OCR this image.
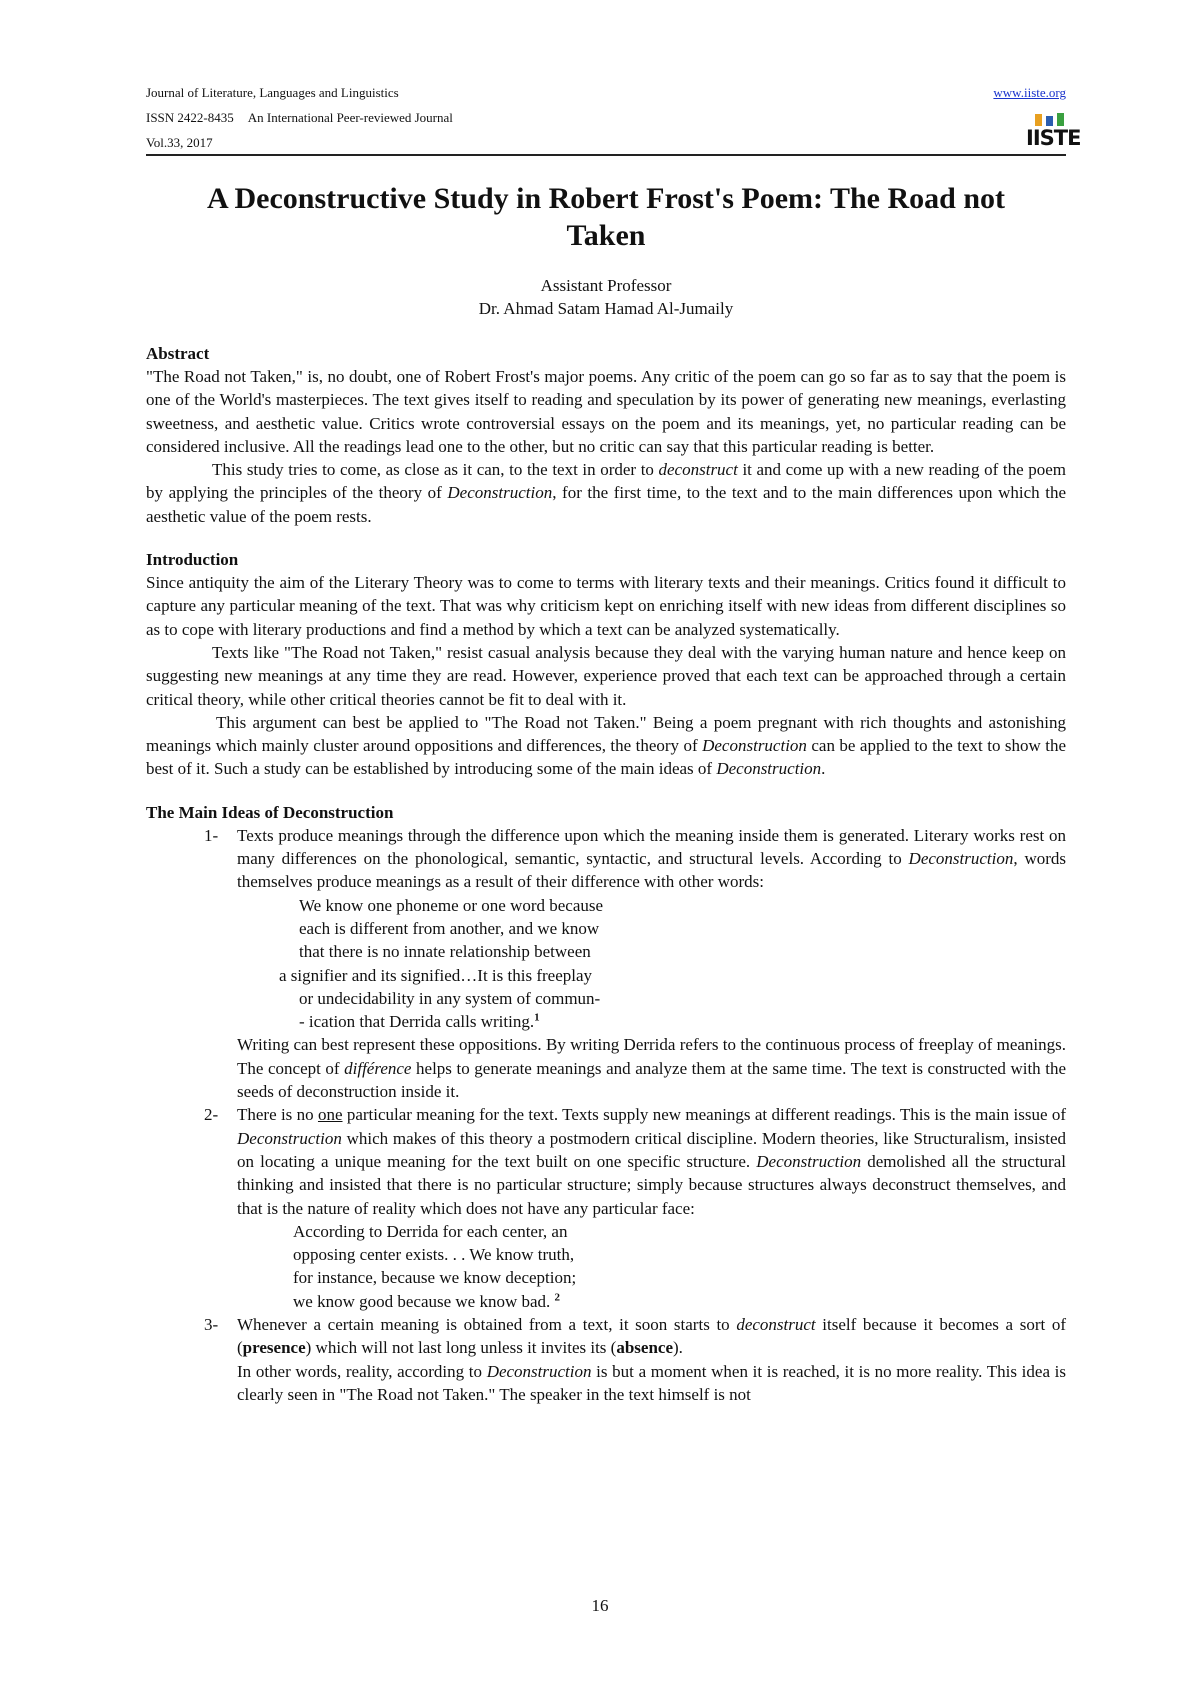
Journal of Literature, Languages and Linguistics
ISSN 2422-8435 An International Peer-reviewed Journal
Vol.33, 2017
www.iiste.org
IISTE
A Deconstructive Study in Robert Frost's Poem: The Road not Taken
Assistant Professor
Dr. Ahmad Satam Hamad Al-Jumaily
Abstract

"The Road not Taken," is, no doubt, one of Robert Frost's major poems. Any critic of the poem can go so far as to say that the poem is one of the World's masterpieces. The text gives itself to reading and speculation by its power of generating new meanings, everlasting sweetness, and aesthetic value. Critics wrote controversial essays on the poem and its meanings, yet, no particular reading can be considered inclusive. All the readings lead one to the other, but no critic can say that this particular reading is better.

This study tries to come, as close as it can, to the text in order to deconstruct it and come up with a new reading of the poem by applying the principles of the theory of Deconstruction, for the first time, to the text and to the main differences upon which the aesthetic value of the poem rests.

Introduction

Since antiquity the aim of the Literary Theory was to come to terms with literary texts and their meanings. Critics found it difficult to capture any particular meaning of the text. That was why criticism kept on enriching itself with new ideas from different disciplines so as to cope with literary productions and find a method by which a text can be analyzed systematically.

Texts like "The Road not Taken," resist casual analysis because they deal with the varying human nature and hence keep on suggesting new meanings at any time they are read. However, experience proved that each text can be approached through a certain critical theory, while other critical theories cannot be fit to deal with it.

This argument can best be applied to "The Road not Taken." Being a poem pregnant with rich thoughts and astonishing meanings which mainly cluster around oppositions and differences, the theory of Deconstruction can be applied to the text to show the best of it. Such a study can be established by introducing some of the main ideas of Deconstruction.

The Main Ideas of Deconstruction
1- Texts produce meanings through the difference upon which the meaning inside them is generated. Literary works rest on many differences on the phonological, semantic, syntactic, and structural levels. According to Deconstruction, words themselves produce meanings as a result of their difference with other words:

We know one phoneme or one word because
each is different from another, and we know
that there is no innate relationship between
a signifier and its signified…It is this freeplay
or undecidability in any system of commun-
- ication that Derrida calls writing.$^1$

Writing can best represent these oppositions. By writing Derrida refers to the continuous process of freeplay of meanings. The concept of différence helps to generate meanings and analyze them at the same time. The text is constructed with the seeds of deconstruction inside it.

2- There is no one particular meaning for the text. Texts supply new meanings at different readings. This is the main issue of Deconstruction which makes of this theory a postmodern critical discipline. Modern theories, like Structuralism, insisted on locating a unique meaning for the text built on one specific structure. Deconstruction demolished all the structural thinking and insisted that there is no particular structure; simply because structures always deconstruct themselves, and that is the nature of reality which does not have any particular face:

According to Derrida for each center, an
opposing center exists. . . We know truth,
for instance, because we know deception;
we know good because we know bad. $^2$
3- Whenever a certain meaning is obtained from a text, it soon starts to deconstruct itself because it becomes a sort of (presence) which will not last long unless it invites its (absence).

In other words, reality, according to Deconstruction is but a moment when it is reached, it is no more reality. This idea is clearly seen in "The Road not Taken." The speaker in the text himself is not

16
